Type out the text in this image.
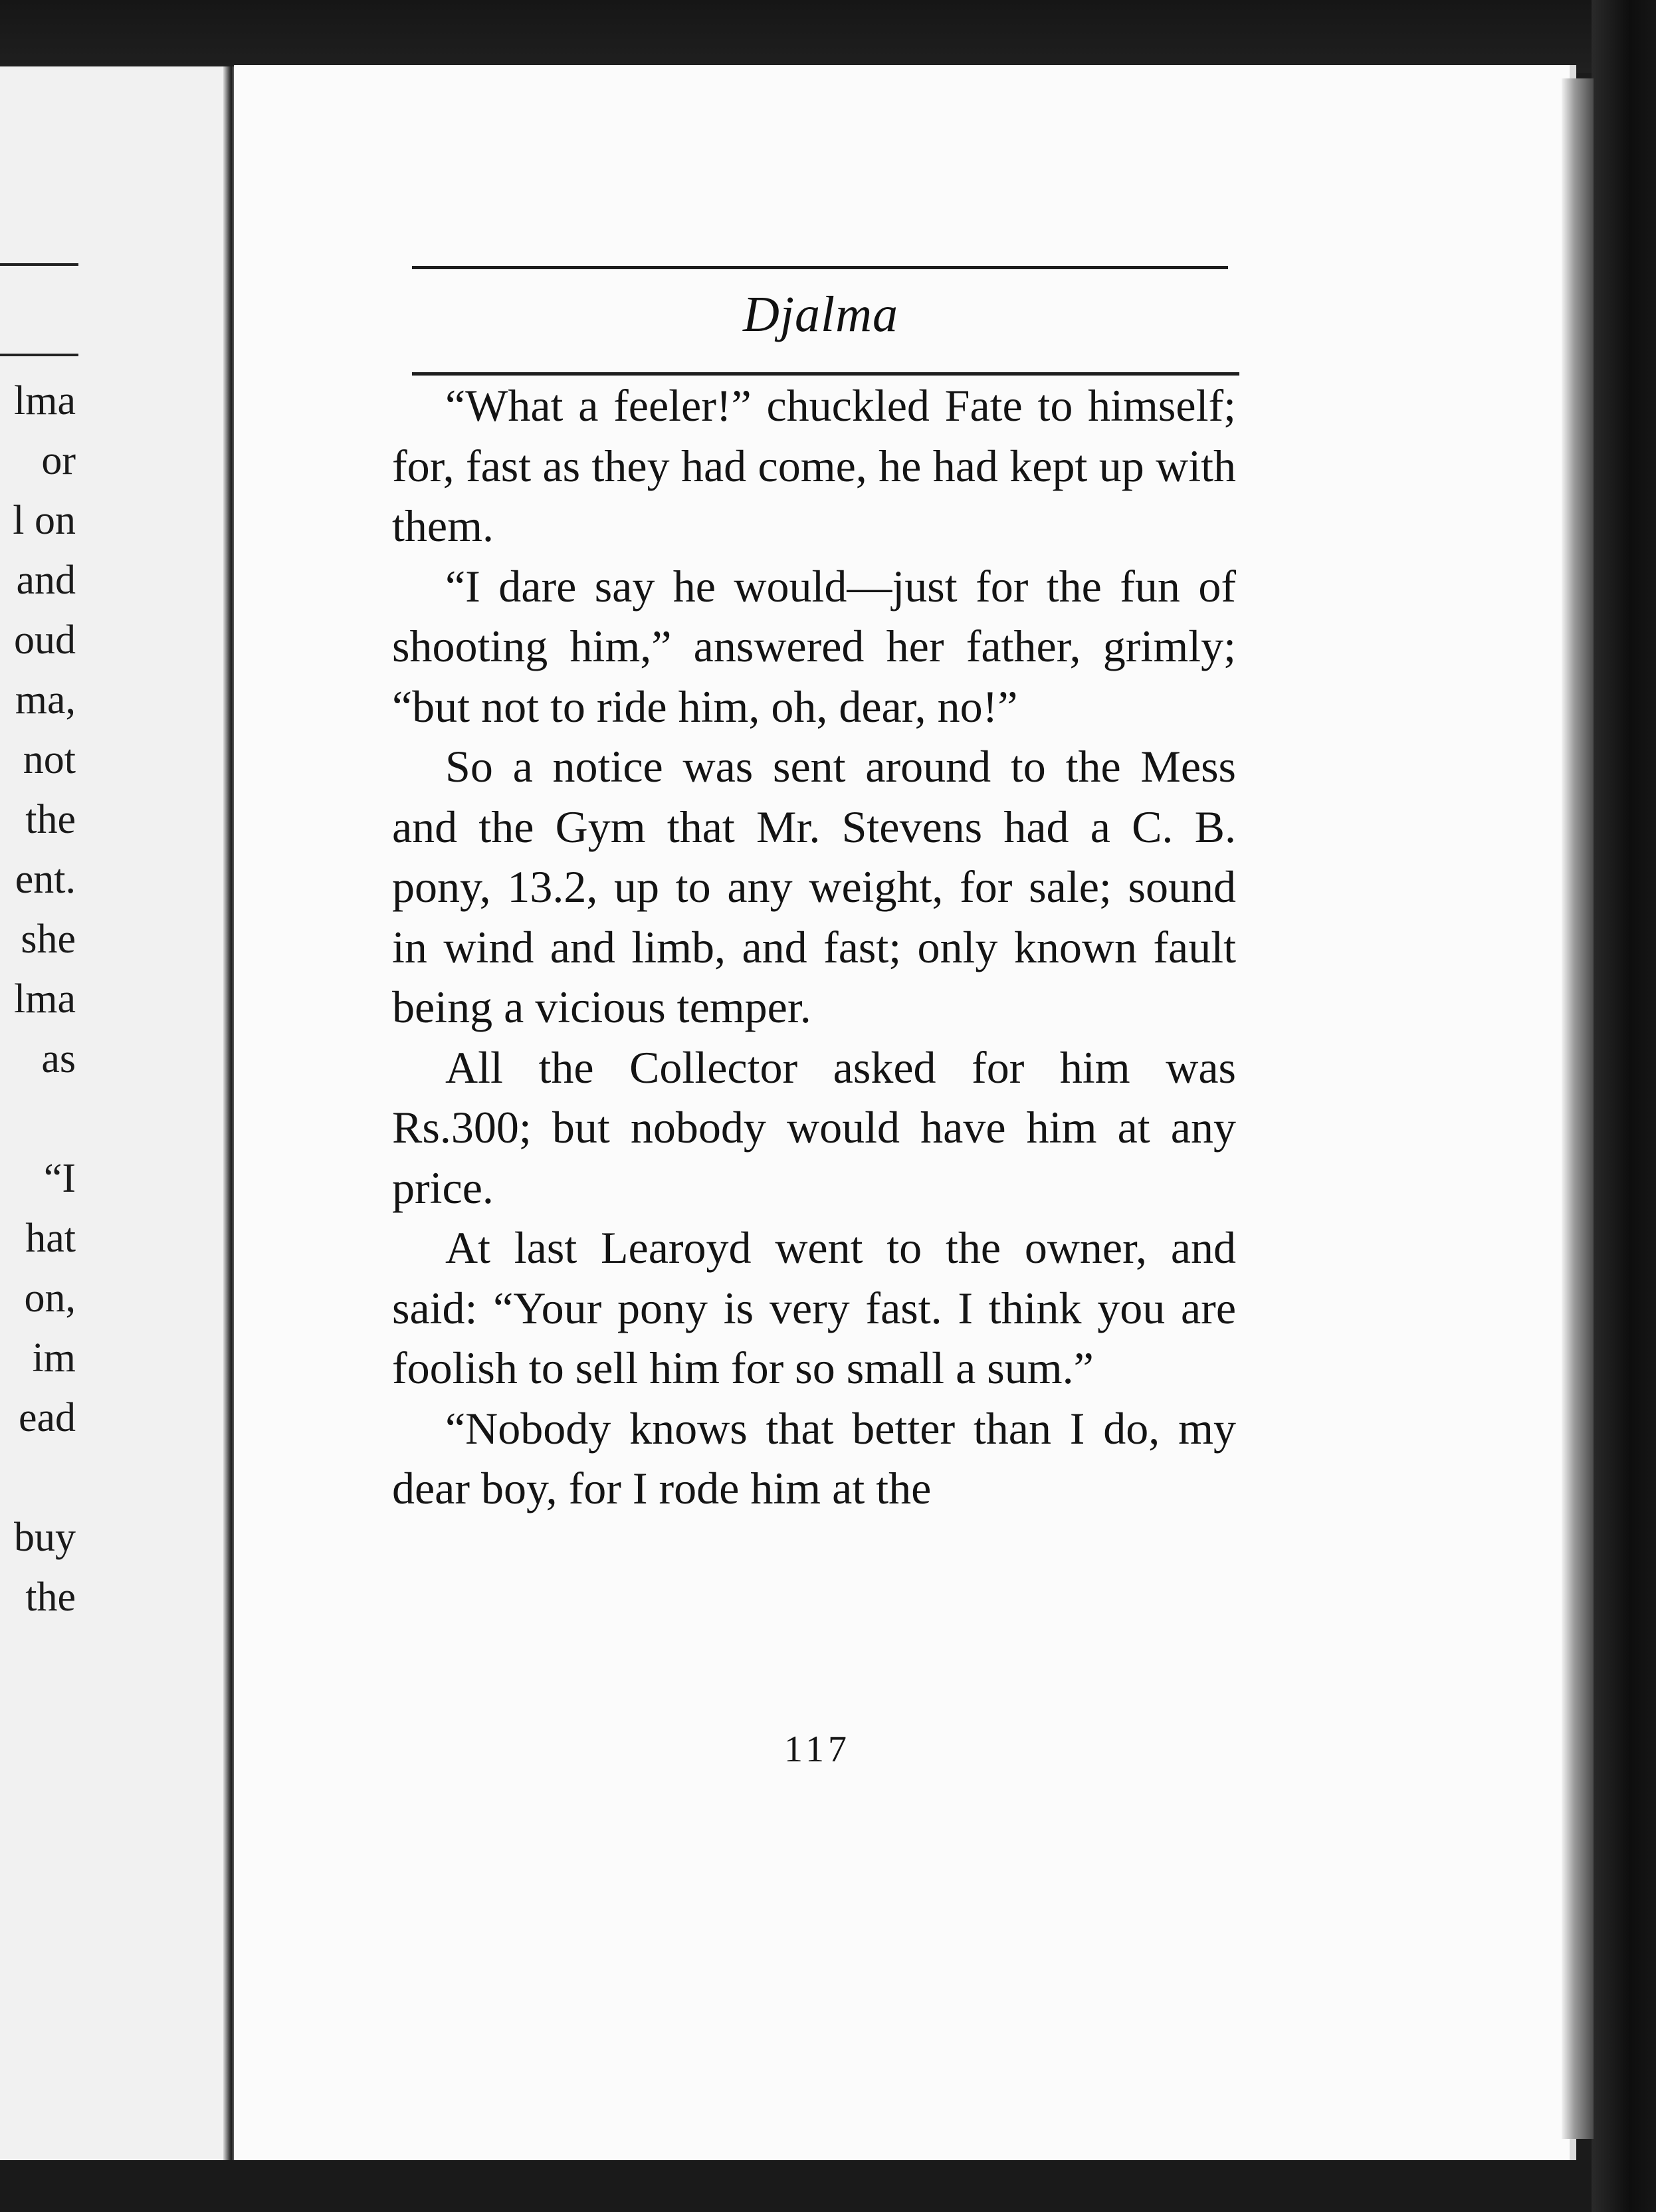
lma
or
l on
and
oud
ma,
not
the
ent.
she
lma
as
“I
hat
on,
im
ead
buy
the
Djalma

“What a feeler!” chuckled Fate to himself; for, fast as they had come, he had kept up with them.

“I dare say he would—just for the fun of shooting him,” answered her father, grimly; “but not to ride him, oh, dear, no!”

So a notice was sent around to the Mess and the Gym that Mr. Stevens had a C. B. pony, 13.2, up to any weight, for sale; sound in wind and limb, and fast; only known fault being a vicious temper.

All the Collector asked for him was Rs.300; but nobody would have him at any price.

At last Learoyd went to the owner, and said: “Your pony is very fast. I think you are foolish to sell him for so small a sum.”

“Nobody knows that better than I do, my dear boy, for I rode him at the

117
